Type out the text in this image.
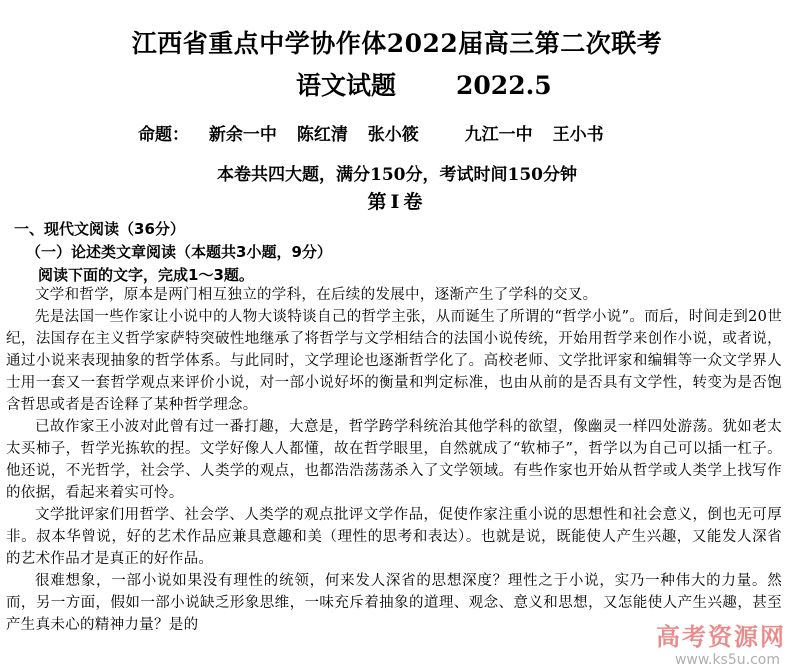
江西省重点中学协作体2022届高三第二次联考
语文试题 2022.5
命题： 新余一中 陈红清 张小筱	九江一中 王小书
本卷共四大题，满分150分，考试时间150分钟
第Ⅰ卷
一、现代文阅读（36分）
（一）论述类文章阅读（本题共3小题，9分）
阅读下面的文字，完成1～3题。

文学和哲学，原本是两门相互独立的学科，在后续的发展中，逐渐产生了学科的交叉。

先是法国一些作家让小说中的人物大谈特谈自己的哲学主张，从而诞生了所谓的“哲学小说”。而后，时间走到20世纪，法国存在主义哲学家萨特突破性地继承了将哲学与文学相结合的法国小说传统，开始用哲学来创作小说，或者说，通过小说来表现抽象的哲学体系。与此同时，文学理论也逐渐哲学化了。高校老师、文学批评家和编辑等一众文学界人士用一套又一套哲学观点来评价小说，对一部小说好坏的衡量和判定标准，也由从前的是否具有文学性，转变为是否饱含哲思或者是否诠释了某种哲学理念。

已故作家王小波对此曾有过一番打趣，大意是，哲学跨学科统治其他学科的欲望，像幽灵一样四处游荡。犹如老太太买柿子，哲学光拣软的捏。文学好像人人都懂，故在哲学眼里，自然就成了“软柿子”，哲学以为自己可以插一杠子。他还说，不光哲学，社会学、人类学的观点，也都浩浩荡荡杀入了文学领域。有些作家也开始从哲学或人类学上找写作的依据，看起来着实可怜。

文学批评家们用哲学、社会学、人类学的观点批评文学作品，促使作家注重小说的思想性和社会意义，倒也无可厚非。叔本华曾说，好的艺术作品应兼具意趣和美（理性的思考和表达）。也就是说，既能使人产生兴趣，又能发人深省的艺术作品才是真正的好作品。

很难想象，一部小说如果没有理性的统领，何来发人深省的思想深度？理性之于小说，实乃一种伟大的力量。然而，另一方面，假如一部小说缺乏形象思维，一味充斥着抽象的道理、观念、意义和思想，又怎能使人产生兴趣，甚至产生真未心的精神力量？是的	高考资源网
www.ks5u.com
